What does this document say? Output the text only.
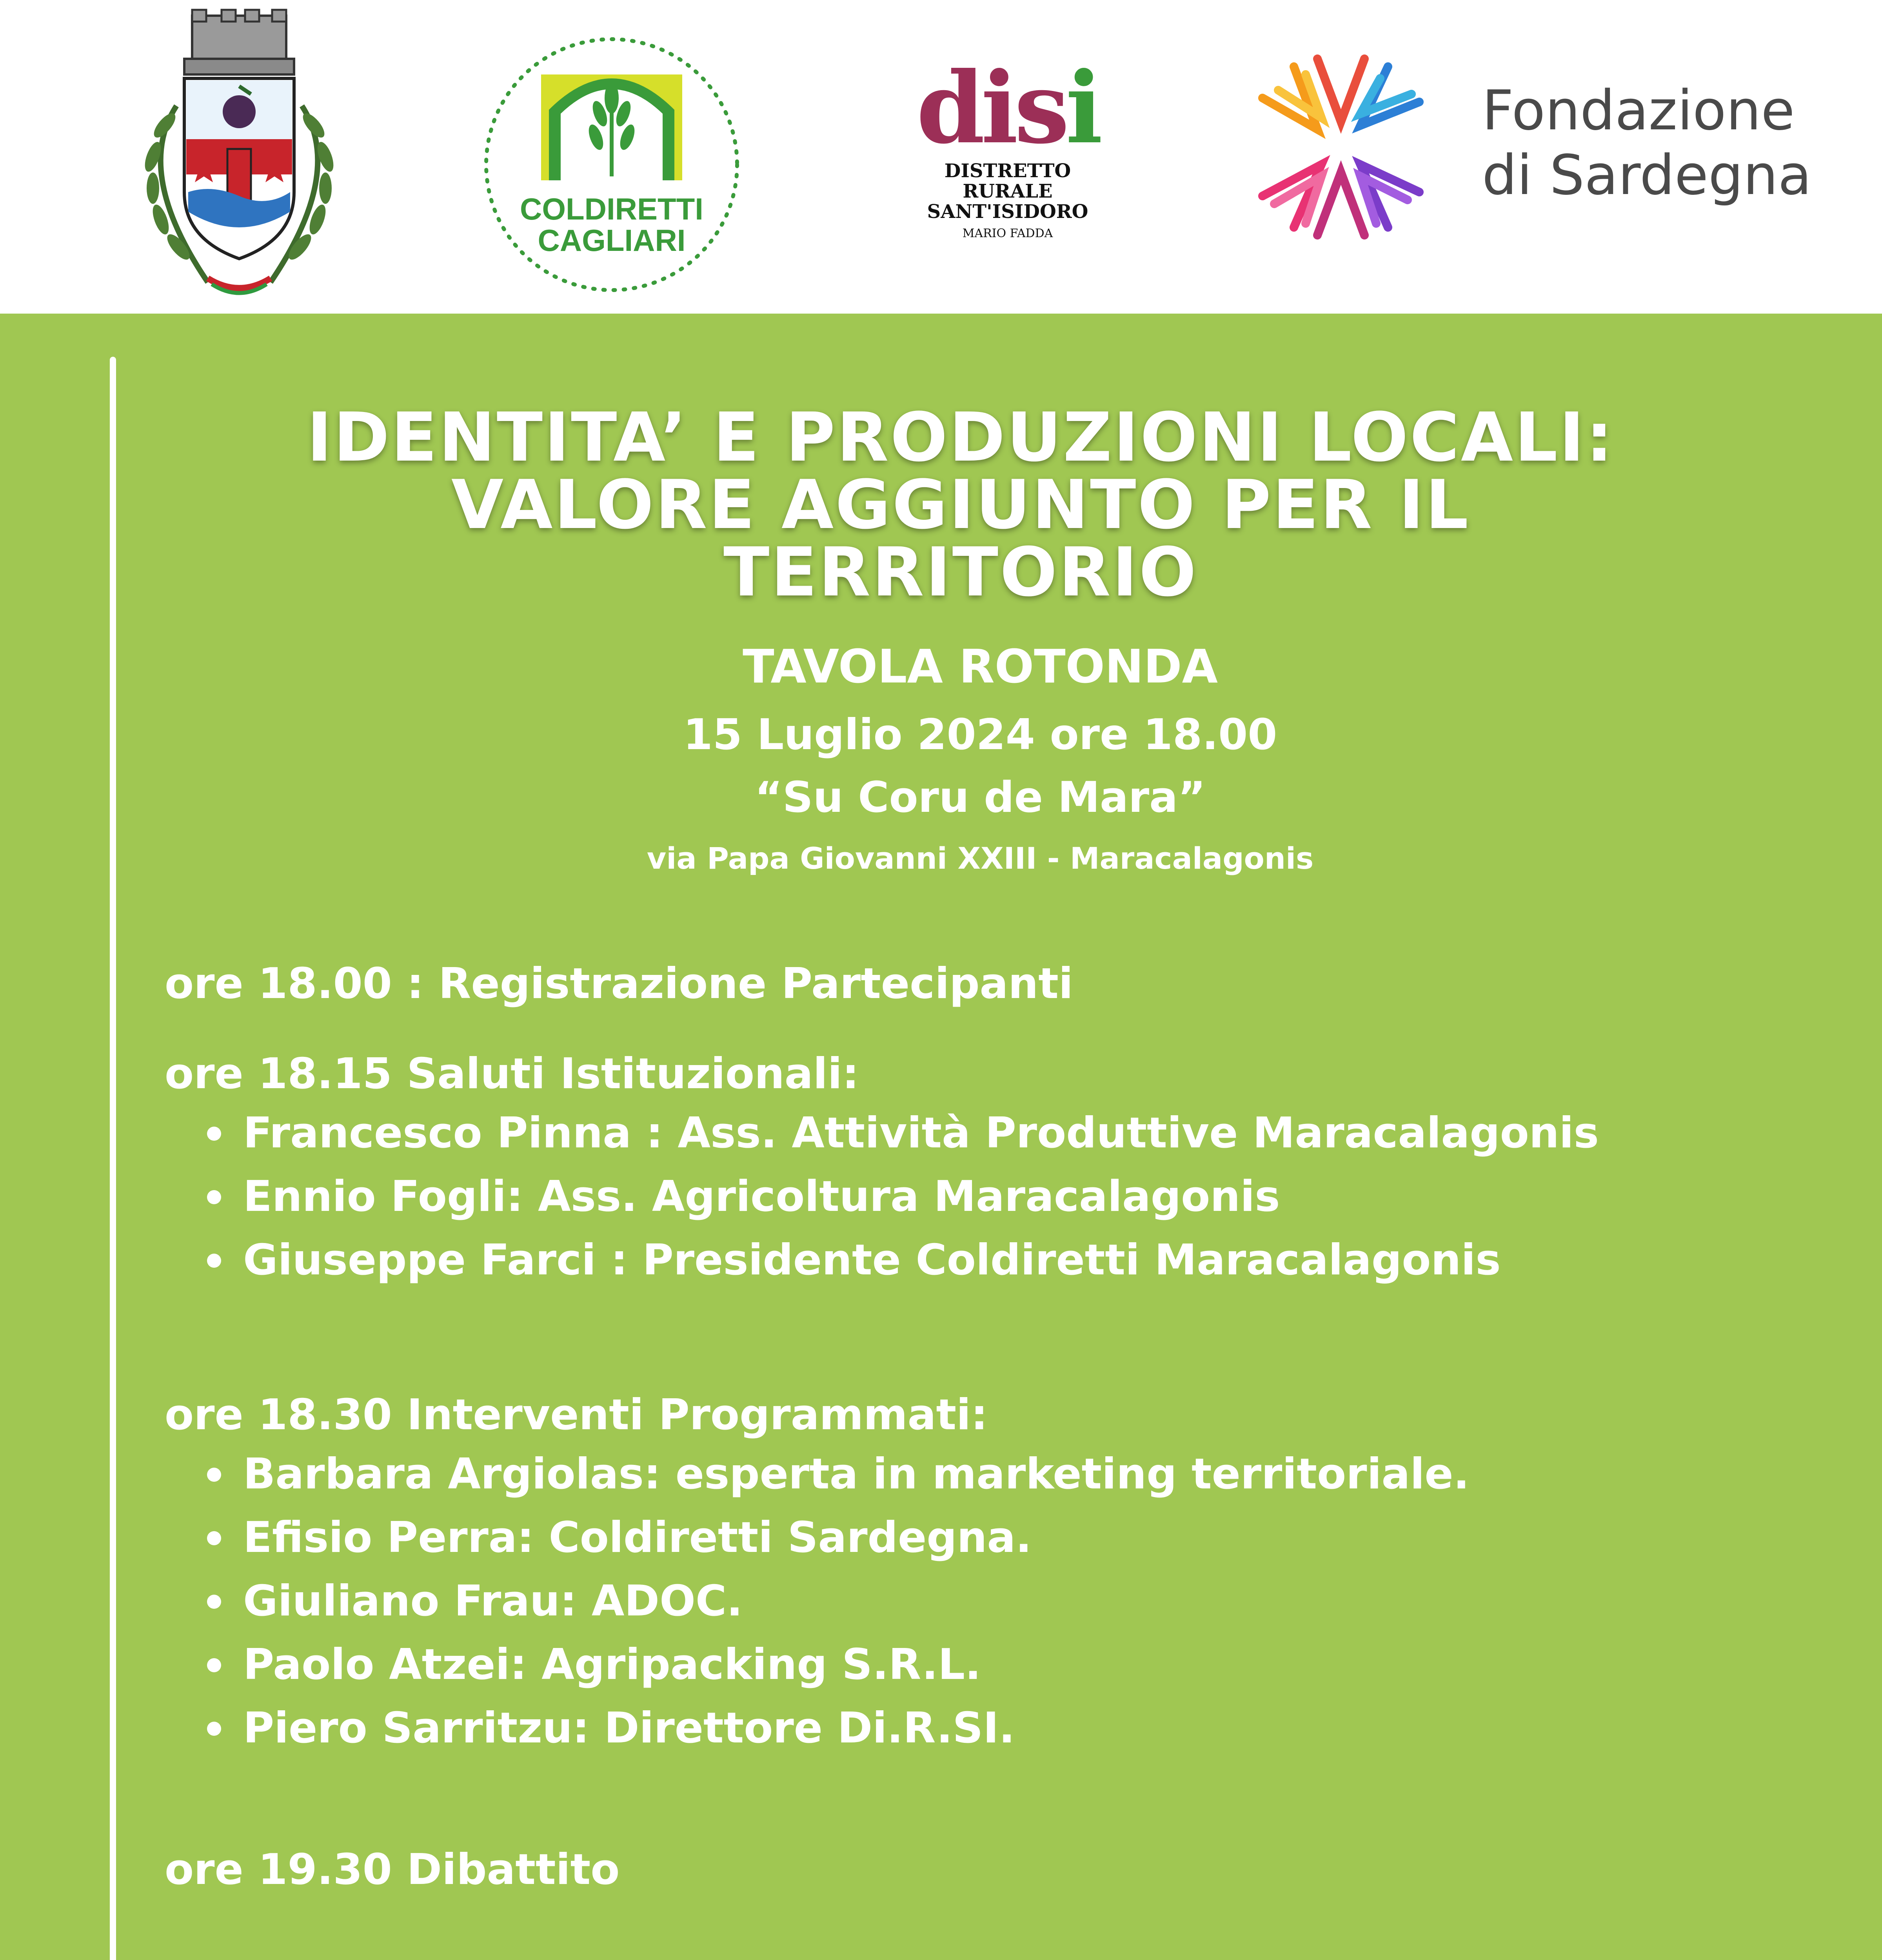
COLDIRETTI
CAGLIARI
disi
DISTRETTO
RURALE
SANT'ISIDORO
MARIO FADDA
Fondazione
di Sardegna
IDENTITA’ E PRODUZIONI LOCALI:
VALORE AGGIUNTO PER IL
TERRITORIO
TAVOLA ROTONDA
15 Luglio 2024 ore 18.00
“Su Coru de Mara”
via Papa Giovanni XXIII - Maracalagonis
ore 18.00 : Registrazione Partecipanti
ore 18.15 Saluti Istituzionali:
Francesco Pinna : Ass. Attività Produttive Maracalagonis
Ennio Fogli: Ass. Agricoltura Maracalagonis
Giuseppe Farci : Presidente Coldiretti Maracalagonis
ore 18.30 Interventi Programmati:
Barbara Argiolas: esperta in marketing territoriale.
Efisio Perra: Coldiretti Sardegna.
Giuliano Frau: ADOC.
Paolo Atzei: Agripacking S.R.L.
Piero Sarritzu: Direttore Di.R.SI.
ore 19.30 Dibattito
